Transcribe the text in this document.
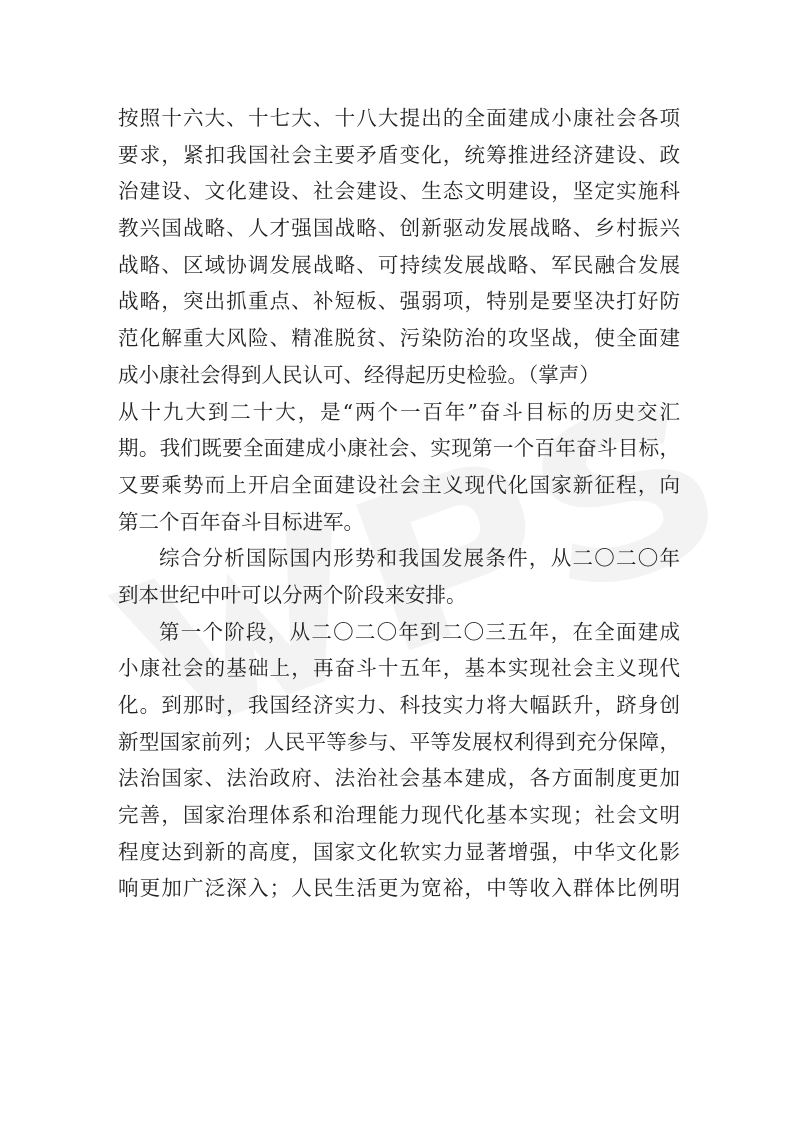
按照十六大、十七大、十八大提出的全面建成小康社会各项
要求，紧扣我国社会主要矛盾变化，统筹推进经济建设、政
治建设、文化建设、社会建设、生态文明建设，坚定实施科
教兴国战略、人才强国战略、创新驱动发展战略、乡村振兴
战略、区域协调发展战略、可持续发展战略、军民融合发展
战略，突出抓重点、补短板、强弱项，特别是要坚决打好防
范化解重大风险、精准脱贫、污染防治的攻坚战，使全面建
成小康社会得到人民认可、经得起历史检验。（掌声）
从十九大到二十大，是“两个一百年”奋斗目标的历史交汇
期。我们既要全面建成小康社会、实现第一个百年奋斗目标，
又要乘势而上开启全面建设社会主义现代化国家新征程，向
第二个百年奋斗目标进军。
综合分析国际国内形势和我国发展条件，从二〇二〇年
到本世纪中叶可以分两个阶段来安排。
第一个阶段，从二〇二〇年到二〇三五年，在全面建成
小康社会的基础上，再奋斗十五年，基本实现社会主义现代
化。到那时，我国经济实力、科技实力将大幅跃升，跻身创
新型国家前列；人民平等参与、平等发展权利得到充分保障，
法治国家、法治政府、法治社会基本建成，各方面制度更加
完善，国家治理体系和治理能力现代化基本实现；社会文明
程度达到新的高度，国家文化软实力显著增强，中华文化影
响更加广泛深入；人民生活更为宽裕，中等收入群体比例明
